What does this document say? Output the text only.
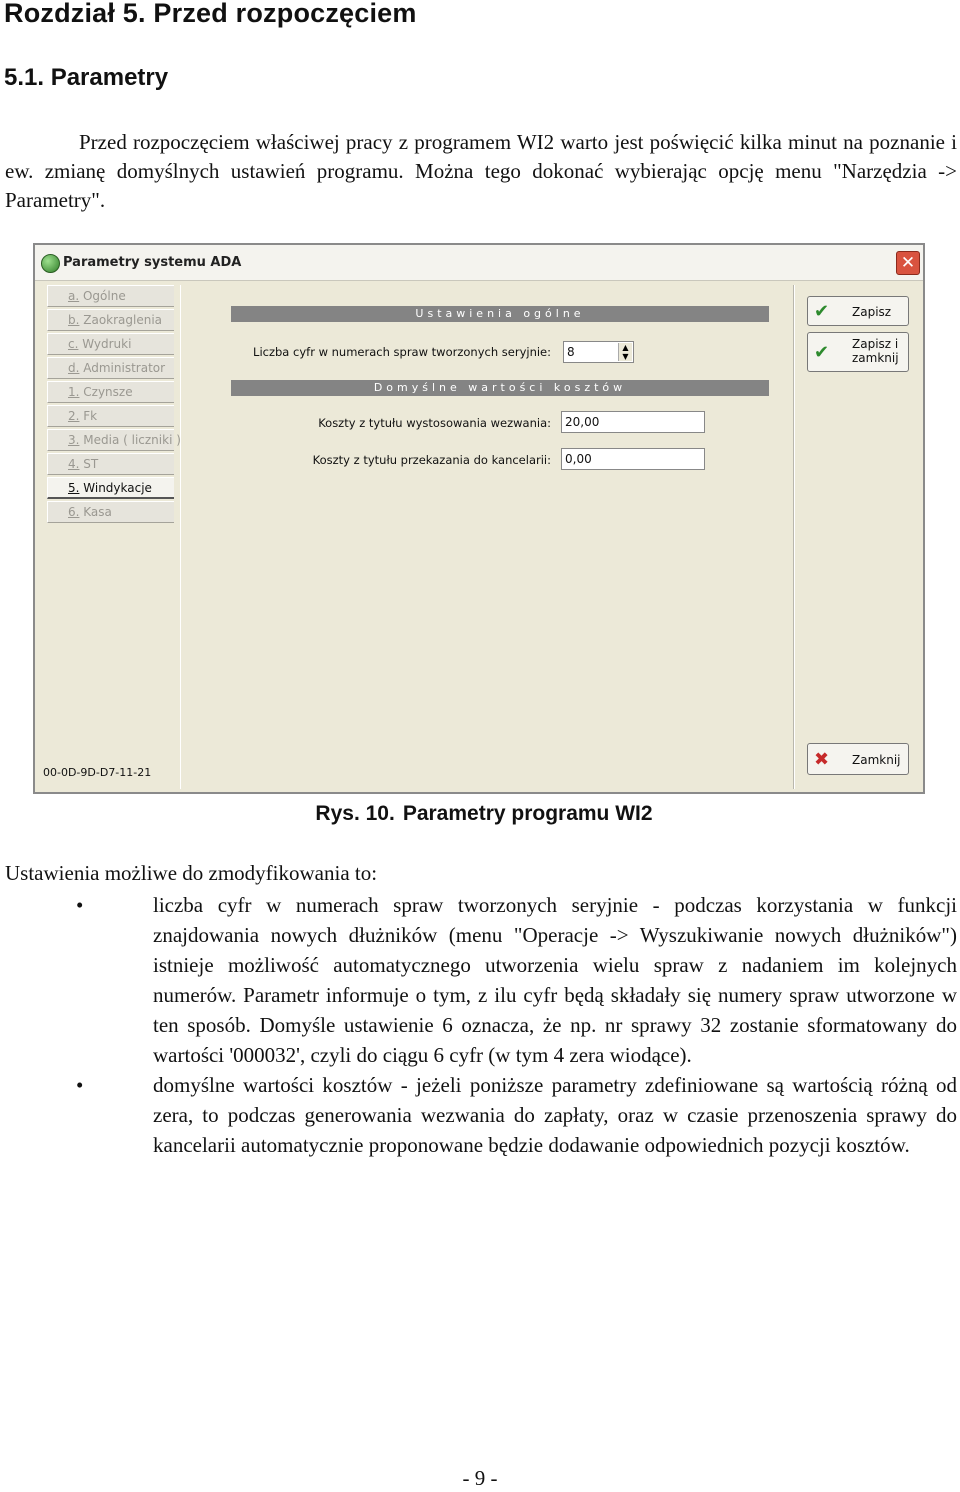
Rozdział 5. Przed rozpoczęciem
5.1. Parametry

Przed rozpoczęciem właściwej pracy z programem WI2 warto jest poświęcić kilka minut na poznanie i ew. zmianę domyślnych ustawień programu. Można tego dokonać wybierając opcję menu "Narzędzia -> Parametry".

Parametry systemu ADA	✕
a. Ogólne
b. Zaokraglenia
c. Wydruki
d. Administrator
1. Czynsze
2. Fk
3. Media ( liczniki )
4. ST
5. Windykacje
6. Kasa
Ustawienia ogólne
Liczba cyfr w numerach spraw tworzonych seryjnie:	8	▲
▼
Domyślne wartości kosztów
Koszty z tytułu wystosowania wezwania:	20,00
Koszty z tytułu przekazania do kancelarii:	0,00
✔ Zapisz
✔ Zapisz i
zamknij
✖ Zamknij
00-0D-9D-D7-11-21
Rys. 10. Parametry programu WI2
Ustawienia możliwe do zmodyfikowania to:
•	liczba cyfr w numerach spraw tworzonych seryjnie - podczas korzystania w funkcji znajdowania nowych dłużników (menu "Operacje -> Wyszukiwanie nowych dłużników") istnieje możliwość automatycznego utworzenia wielu spraw z nadaniem im kolejnych numerów. Parametr informuje o tym, z ilu cyfr będą składały się numery spraw utworzone w ten sposób. Domyśle ustawienie 6 oznacza, że np. nr sprawy 32 zostanie sformatowany do wartości '000032', czyli do ciągu 6 cyfr (w tym 4 zera wiodące).
•	domyślne wartości kosztów - jeżeli poniższe parametry zdefiniowane są wartością różną od zera, to podczas generowania wezwania do zapłaty, oraz w czasie przenoszenia sprawy do kancelarii automatycznie proponowane będzie dodawanie odpowiednich pozycji kosztów.
- 9 -
